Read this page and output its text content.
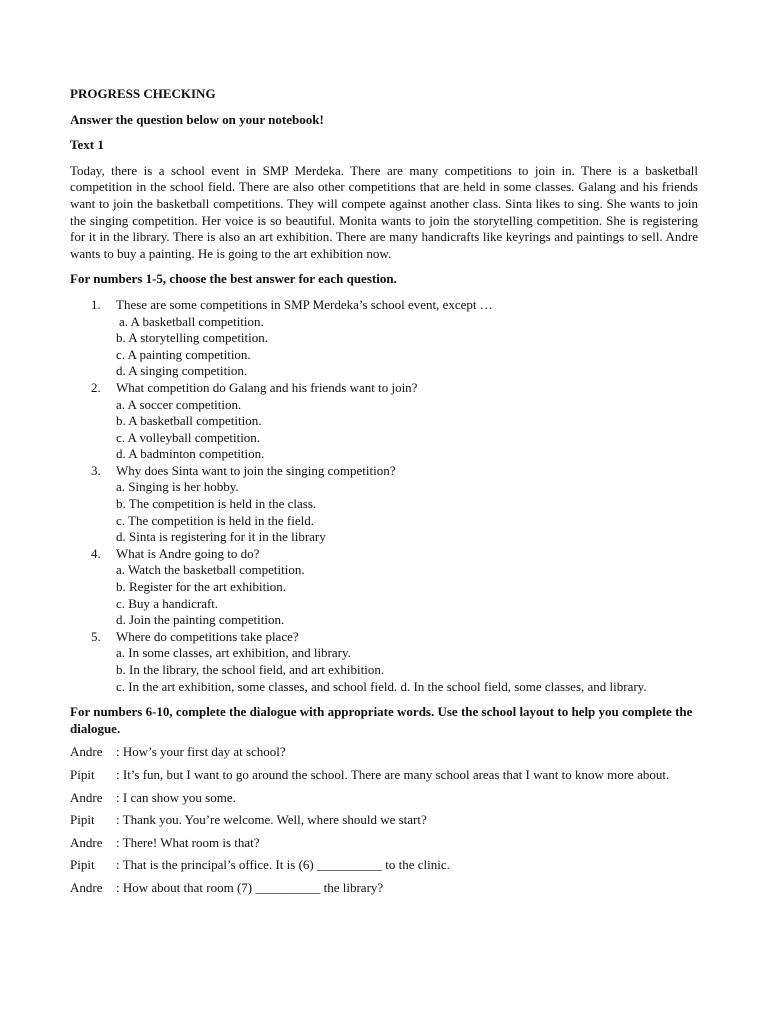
PROGRESS CHECKING

Answer the question below on your notebook!

Text 1

Today, there is a school event in SMP Merdeka. There are many competitions to join in. There is a basketball competition in the school field. There are also other competitions that are held in some classes. Galang and his friends want to join the basketball competitions. They will compete against another class. Sinta likes to sing. She wants to join the singing competition. Her voice is so beautiful. Monita wants to join the storytelling competition. She is registering for it in the library. There is also an art exhibition. There are many handicrafts like keyrings and paintings to sell. Andre wants to buy a painting. He is going to the art exhibition now.

For numbers 1-5, choose the best answer for each question.

1. These are some competitions in SMP Merdeka’s school event, except …
a. A basketball competition.
b. A storytelling competition.
c. A painting competition.
d. A singing competition.
2. What competition do Galang and his friends want to join?
a. A soccer competition.
b. A basketball competition.
c. A volleyball competition.
d. A badminton competition.
3. Why does Sinta want to join the singing competition?
a. Singing is her hobby.
b. The competition is held in the class.
c. The competition is held in the field.
d. Sinta is registering for it in the library
4. What is Andre going to do?
a. Watch the basketball competition.
b. Register for the art exhibition.
c. Buy a handicraft.
d. Join the painting competition.
5. Where do competitions take place?
a. In some classes, art exhibition, and library.
b. In the library, the school field, and art exhibition.
c. In the art exhibition, some classes, and school field. d. In the school field, some classes, and library.

For numbers 6-10, complete the dialogue with appropriate words. Use the school layout to help you complete the dialogue.

Andre	: How’s your first day at school?
Pipit	: It’s fun, but I want to go around the school. There are many school areas that I want to know more about.
Andre	: I can show you some.
Pipit	: Thank you. You’re welcome. Well, where should we start?
Andre	: There! What room is that?
Pipit	: That is the principal’s office. It is (6) __________ to the clinic.
Andre	: How about that room (7) __________ the library?
